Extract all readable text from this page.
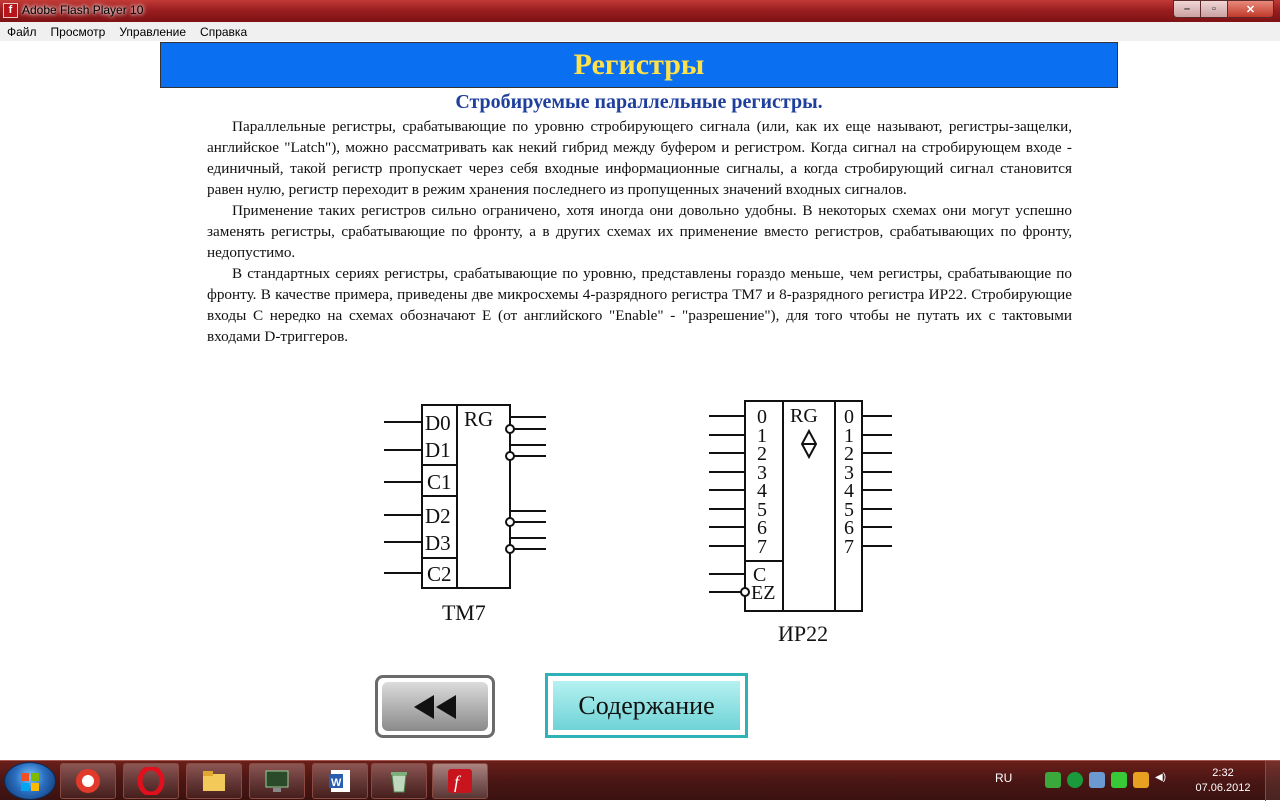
f Adobe Flash Player 10	–	▫	✕
Файл	Просмотр	Управление	Справка
Регистры
Стробируемые параллельные регистры.

Параллельные регистры, срабатывающие по уровню стробирующего сигнала (или, как их еще называют, регистры-защелки, английское "Latch"), можно рассматривать как некий гибрид между буфером и регистром. Когда сигнал на стробирующем входе - единичный, такой регистр пропускает через себя входные информационные сигналы, а когда стробирующий сигнал становится равен нулю, регистр переходит в режим хранения последнего из пропущенных значений входных сигналов.

Применение таких регистров сильно ограничено, хотя иногда они довольно удобны. В некоторых схемах они могут успешно заменять регистры, срабатывающие по фронту, а в других схемах их применение вместо регистров, срабатывающих по фронту, недопустимо.

В стандартных сериях регистры, срабатывающие по уровню, представлены гораздо меньше, чем регистры, срабатывающие по фронту. В качестве примера, приведены две микросхемы 4-разрядного регистра ТМ7 и 8-разрядного регистра ИР22. Стробирующие входы С нередко на схемах обозначают Е (от английского "Enable" - "разрешение"), для того чтобы не путать их с тактовыми входами D-триггеров.

RG
D0
D1
C1
D2
D3
C2
ТМ7
RG
0
1
2
3
4
5
6
7
C
EZ
0
1
2
3
4
5
6
7
ИР22
Содержание
W	f	RU	◀)	2:32
07.06.2012
